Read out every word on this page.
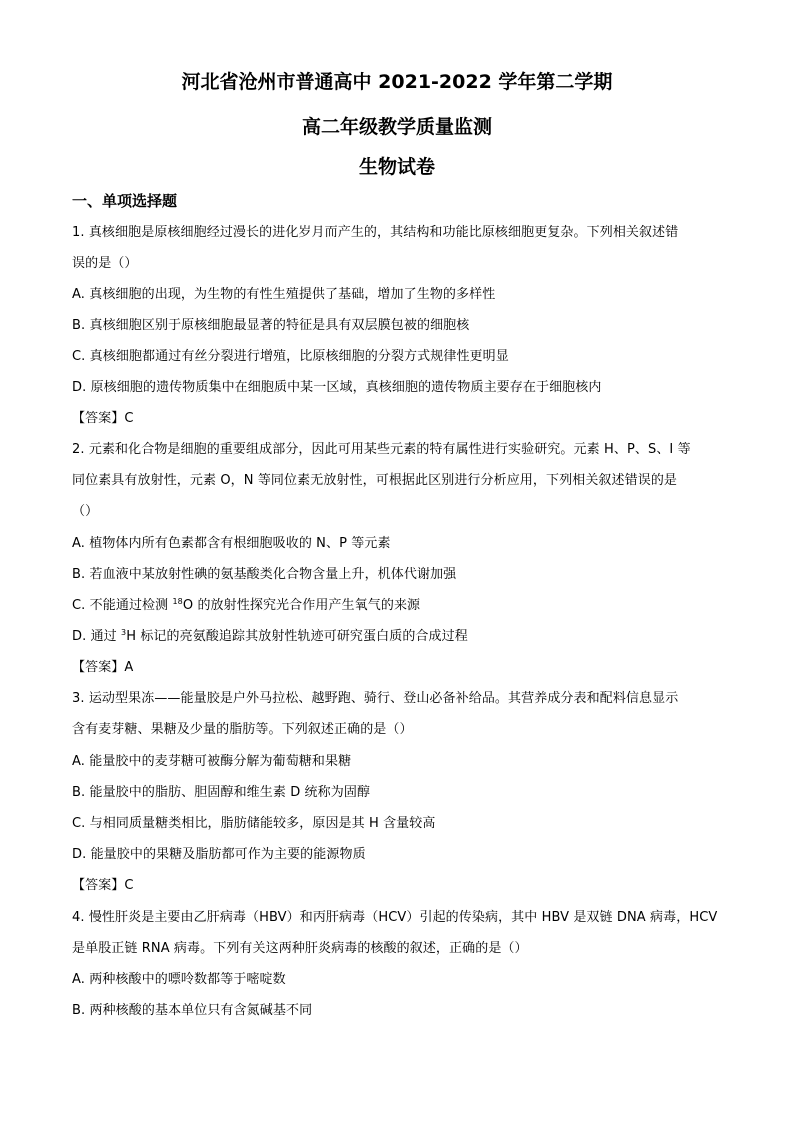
河北省沧州市普通高中 2021-2022 学年第二学期
高二年级教学质量监测
生物试卷
一、单项选择题
1. 真核细胞是原核细胞经过漫长的进化岁月而产生的，其结构和功能比原核细胞更复杂。下列相关叙述错
误的是（）
A. 真核细胞的出现，为生物的有性生殖提供了基础，增加了生物的多样性
B. 真核细胞区别于原核细胞最显著的特征是具有双层膜包被的细胞核
C. 真核细胞都通过有丝分裂进行增殖，比原核细胞的分裂方式规律性更明显
D. 原核细胞的遗传物质集中在细胞质中某一区域，真核细胞的遗传物质主要存在于细胞核内
【答案】C
2. 元素和化合物是细胞的重要组成部分，因此可用某些元素的特有属性进行实验研究。元素 H、P、S、I 等
同位素具有放射性，元素 O，N 等同位素无放射性，可根据此区别进行分析应用，下列相关叙述错误的是
（）
A. 植物体内所有色素都含有根细胞吸收的 N、P 等元素
B. 若血液中某放射性碘的氨基酸类化合物含量上升，机体代谢加强
C. 不能通过检测 $^{18}$O 的放射性探究光合作用产生氧气的来源
D. 通过 $^3$H 标记的亮氨酸追踪其放射性轨迹可研究蛋白质的合成过程
【答案】A
3. 运动型果冻——能量胶是户外马拉松、越野跑、骑行、登山必备补给品。其营养成分表和配料信息显示
含有麦芽糖、果糖及少量的脂肪等。下列叙述正确的是（）
A. 能量胶中的麦芽糖可被酶分解为葡萄糖和果糖
B. 能量胶中的脂肪、胆固醇和维生素 D 统称为固醇
C. 与相同质量糖类相比，脂肪储能较多，原因是其 H 含量较高
D. 能量胶中的果糖及脂肪都可作为主要的能源物质
【答案】C
4. 慢性肝炎是主要由乙肝病毒（HBV）和丙肝病毒（HCV）引起的传染病，其中 HBV 是双链 DNA 病毒，HCV
是单股正链 RNA 病毒。下列有关这两种肝炎病毒的核酸的叙述，正确的是（）
A. 两种核酸中的嘌呤数都等于嘧啶数
B. 两种核酸的基本单位只有含氮碱基不同
